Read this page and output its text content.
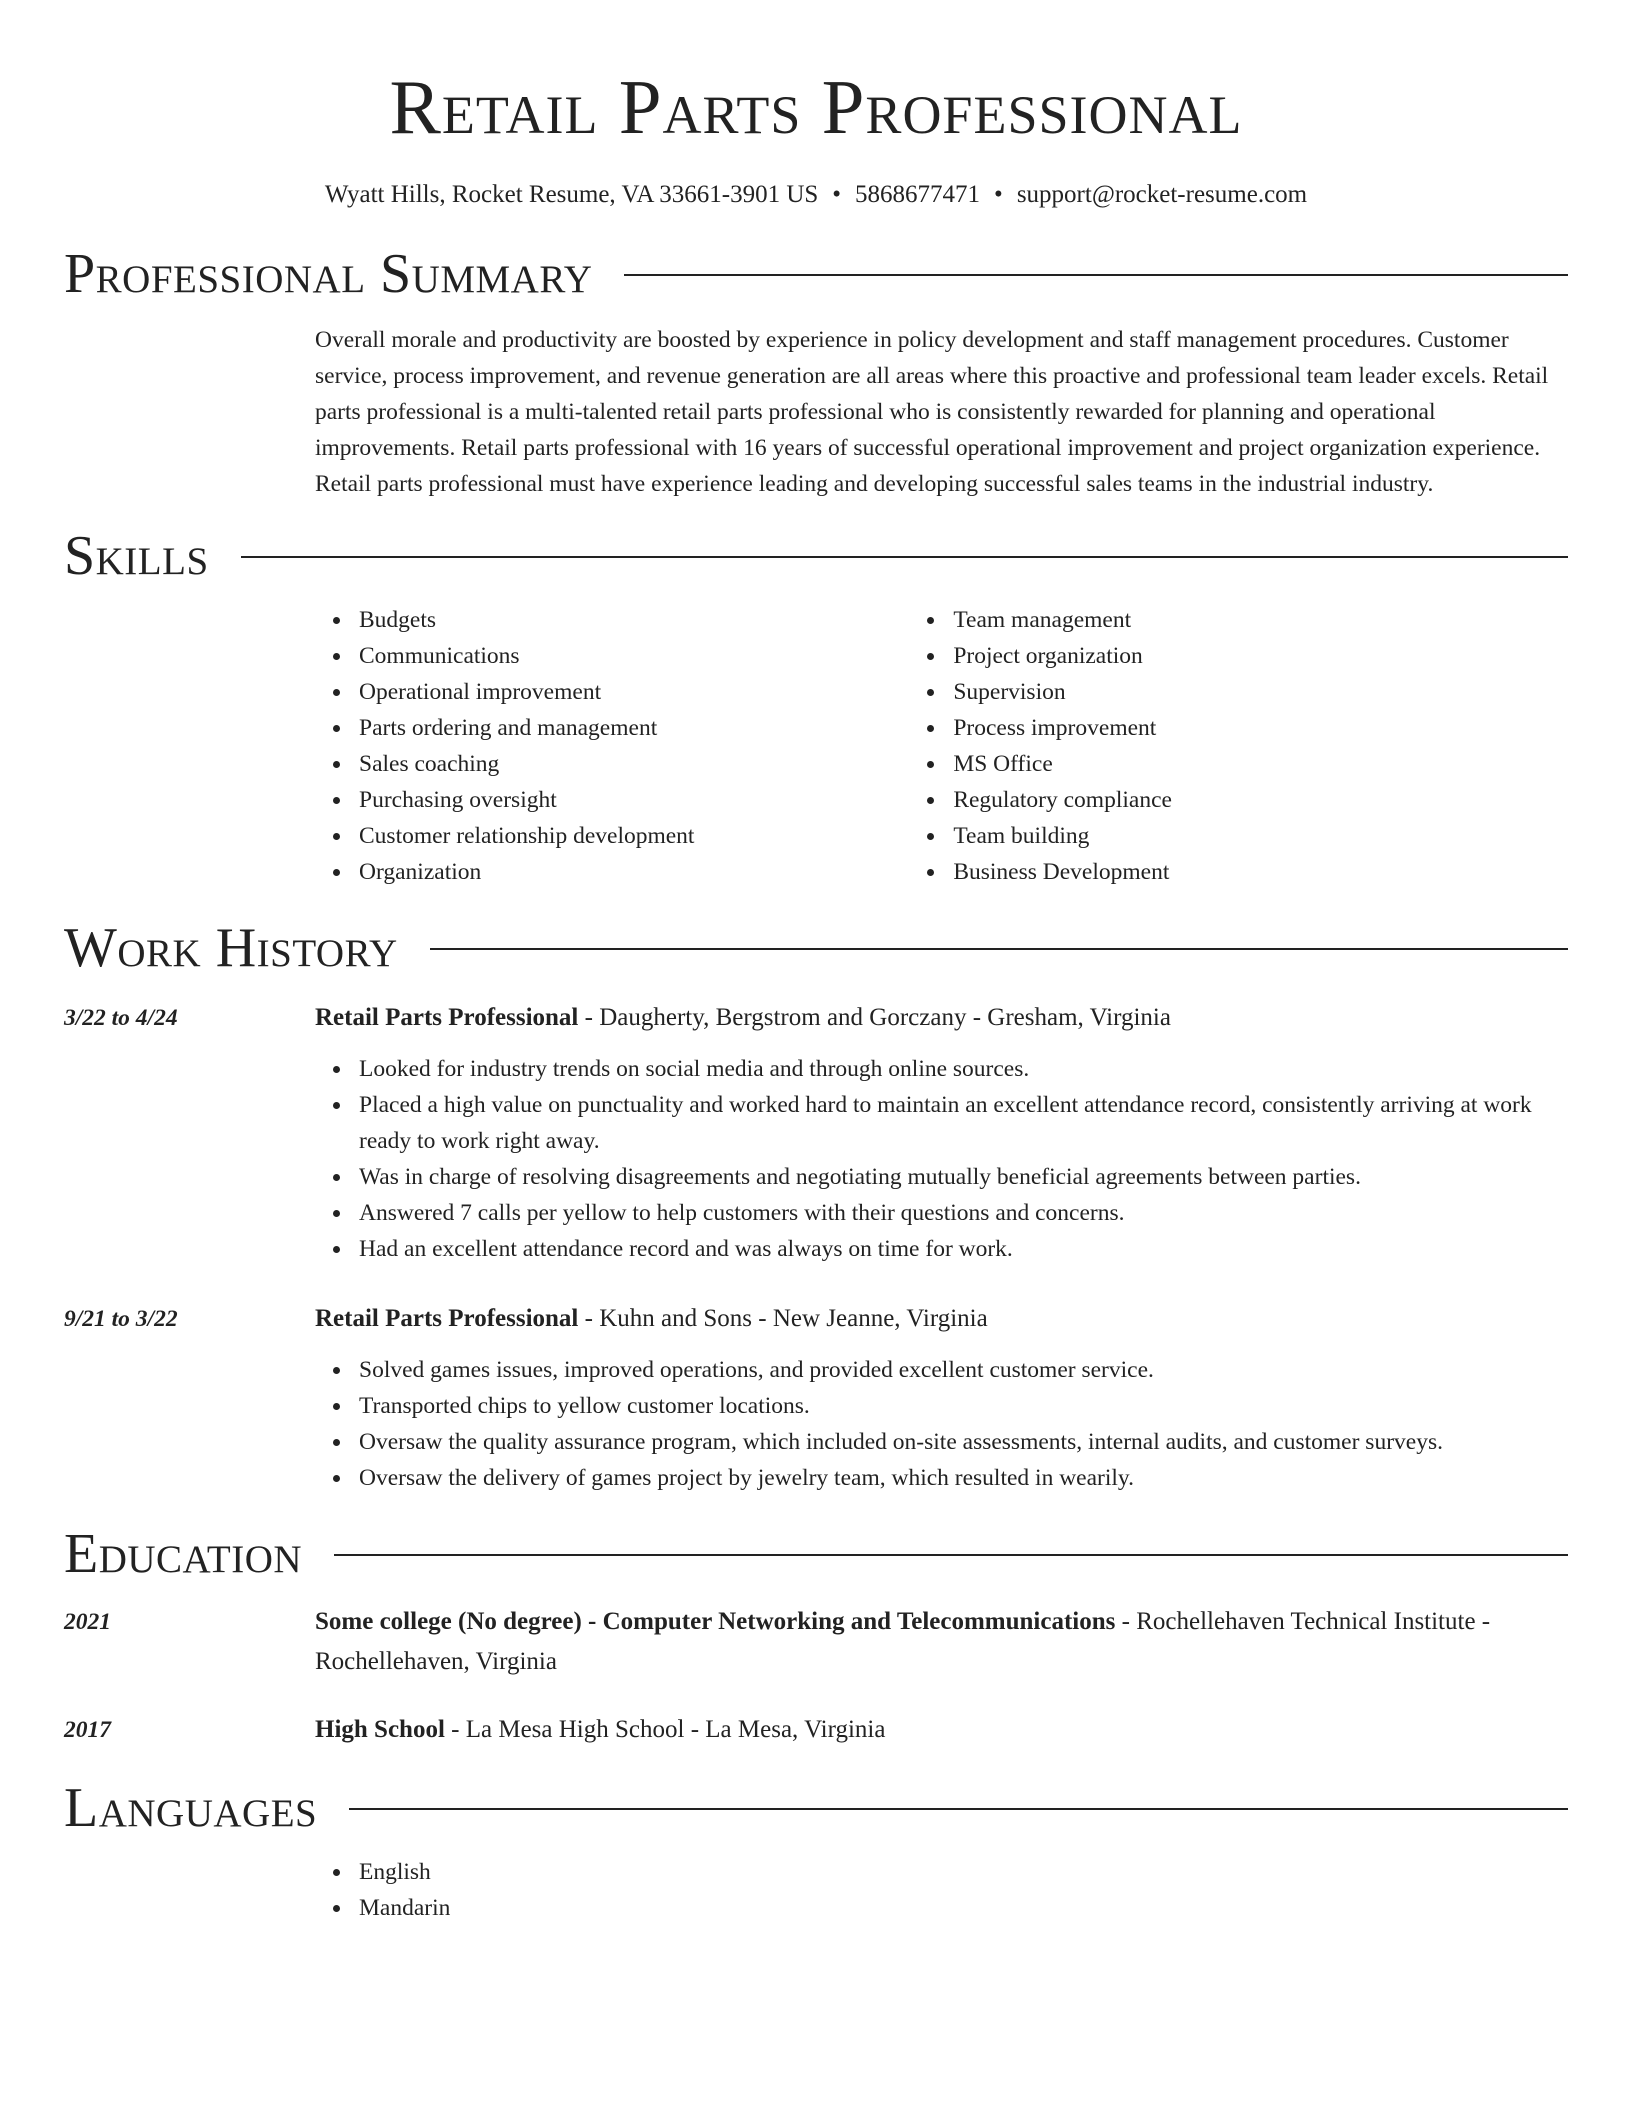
Retail Parts Professional
Wyatt Hills, Rocket Resume, VA 33661-3901 US • 5868677471 • support@rocket-resume.com
Professional Summary
Overall morale and productivity are boosted by experience in policy development and staff management procedures. Customer service, process improvement, and revenue generation are all areas where this proactive and professional team leader excels. Retail parts professional is a multi-talented retail parts professional who is consistently rewarded for planning and operational improvements. Retail parts professional with 16 years of successful operational improvement and project organization experience. Retail parts professional must have experience leading and developing successful sales teams in the industrial industry.
Skills
Budgets
Communications
Operational improvement
Parts ordering and management
Sales coaching
Purchasing oversight
Customer relationship development
Organization
Team management
Project organization
Supervision
Process improvement
MS Office
Regulatory compliance
Team building
Business Development
Work History
3/22 to 4/24	Retail Parts Professional - Daugherty, Bergstrom and Gorczany - Gresham, Virginia
Looked for industry trends on social media and through online sources.
Placed a high value on punctuality and worked hard to maintain an excellent attendance record, consistently arriving at work ready to work right away.
Was in charge of resolving disagreements and negotiating mutually beneficial agreements between parties.
Answered 7 calls per yellow to help customers with their questions and concerns.
Had an excellent attendance record and was always on time for work.
9/21 to 3/22	Retail Parts Professional - Kuhn and Sons - New Jeanne, Virginia
Solved games issues, improved operations, and provided excellent customer service.
Transported chips to yellow customer locations.
Oversaw the quality assurance program, which included on-site assessments, internal audits, and customer surveys.
Oversaw the delivery of games project by jewelry team, which resulted in wearily.
Education
2021	Some college (No degree) - Computer Networking and Telecommunications - Rochellehaven Technical Institute - Rochellehaven, Virginia
2017	High School - La Mesa High School - La Mesa, Virginia
Languages
English
Mandarin
